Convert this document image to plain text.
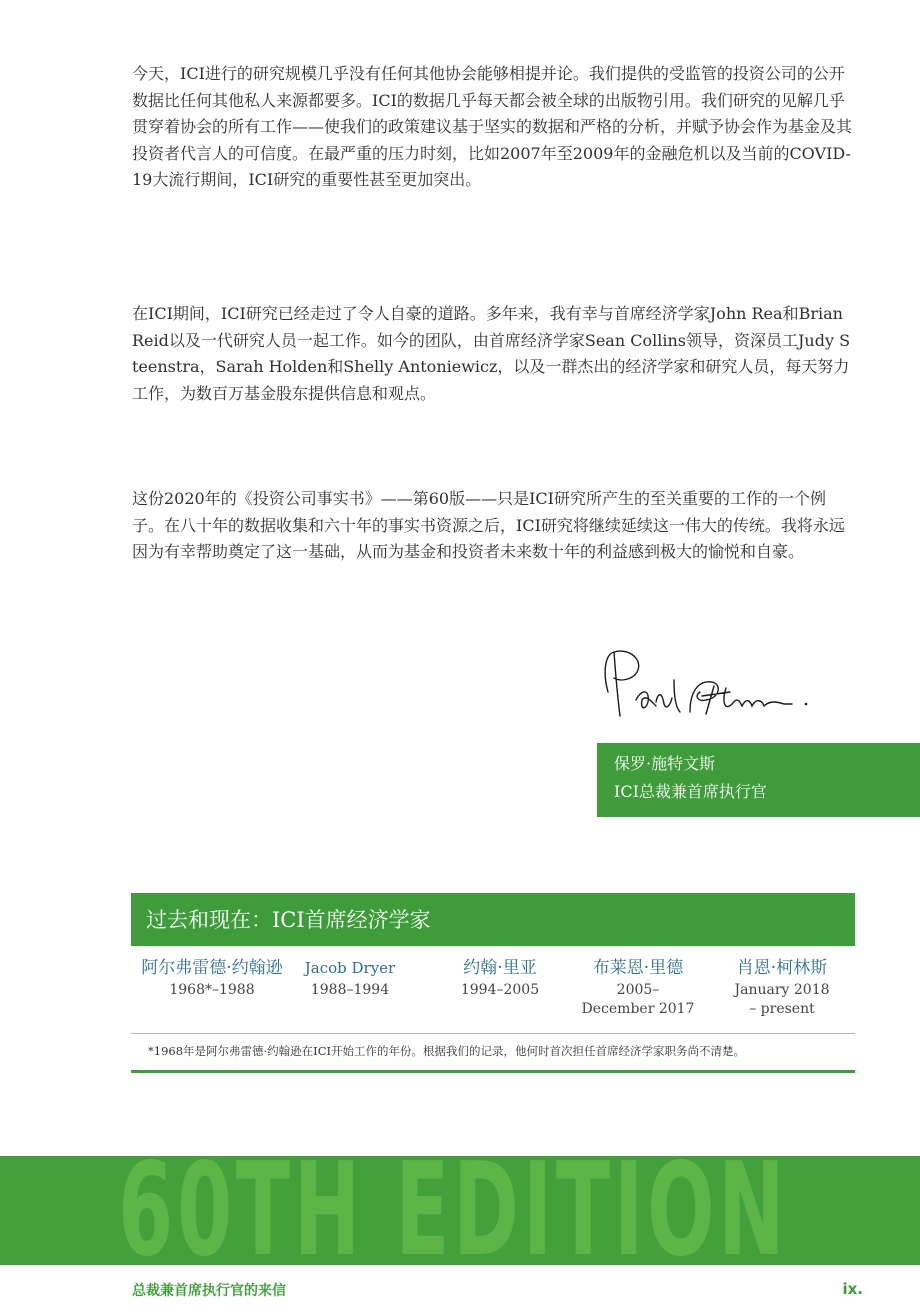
今天，ICI进行的研究规模几乎没有任何其他协会能够相提并论。我们提供的受监管的投资公司的公开数据比任何其他私人来源都要多。ICI的数据几乎每天都会被全球的出版物引用。我们研究的见解几乎贯穿着协会的所有工作——使我们的政策建议基于坚实的数据和严格的分析，并赋予协会作为基金及其投资者代言人的可信度。在最严重的压力时刻，比如2007年至2009年的金融危机以及当前的COVID-19大流行期间，ICI研究的重要性甚至更加突出。

在ICI期间，ICI研究已经走过了令人自豪的道路。多年来，我有幸与首席经济学家John Rea和Brian Reid以及一代研究人员一起工作。如今的团队，由首席经济学家Sean Collins领导，资深员工Judy Steenstra，Sarah Holden和Shelly Antoniewicz，以及一群杰出的经济学家和研究人员，每天努力工作，为数百万基金股东提供信息和观点。

这份2020年的《投资公司事实书》——第60版——只是ICI研究所产生的至关重要的工作的一个例子。在八十年的数据收集和六十年的事实书资源之后，ICI研究将继续延续这一伟大的传统。我将永远因为有幸帮助奠定了这一基础，从而为基金和投资者未来数十年的利益感到极大的愉悦和自豪。

保罗·施特文斯
ICI总裁兼首席执行官
过去和现在：ICI首席经济学家
阿尔弗雷德·约翰逊
1968*–1988
Jacob Dryer
1988–1994
约翰·里亚
1994–2005
布莱恩·里德
2005–
December 2017
肖恩·柯林斯
January 2018
– present
*1968年是阿尔弗雷德·约翰逊在ICI开始工作的年份。根据我们的记录，他何时首次担任首席经济学家职务尚不清楚。
60TH EDITION
总裁兼首席执行官的来信	ix.
